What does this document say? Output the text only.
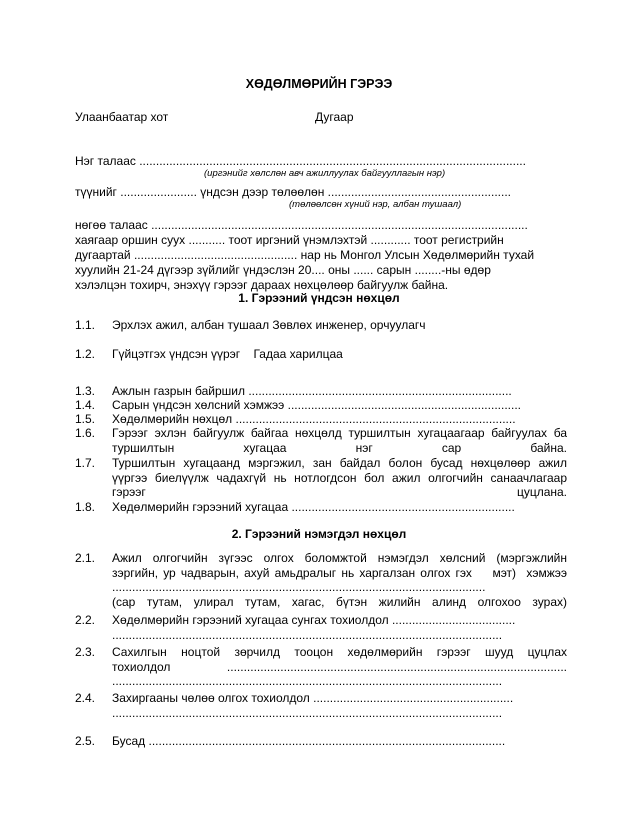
ХӨДӨЛМӨРИЙН ГЭРЭЭ
Улаанбаатар хот	Дугаар
Нэг талаас ....................................................................................................................
(иргэнийг хөлслөн авч ажиллуулах байгууллагын нэр)
түүнийг ....................... үндсэн дээр төлөөлөн .......................................................
(төлөөлсөн хүний нэр, албан тушаал)

нөгөө талаас .................................................................................................................

хаягаар оршин суух ........... тоот иргэний үнэмлэхтэй ............ тоот регистрийн

дугаартай ................................................. нар нь Монгол Улсын Хөдөлмөрийн тухай

хуулийн 21-24 дүгээр зүйлийг үндэслэн 20.... оны ...... сарын ........-ны өдөр

хэлэлцэн тохирч, энэхүү гэрээг дараах нөхцөлөөр байгуулж байна.

1. Гэрээний үндсэн нөхцөл
1.1. Эрхлэх ажил, албан тушаал Зөвлөх инженер, орчуулагч
1.2. Гүйцэтгэх үндсэн үүрэг    Гадаа харилцаа
1.3. Ажлын газрын байршил ...............................................................................
1.4. Сарын үндсэн хөлсний хэмжээ ......................................................................
1.5. Хөдөлмөрийн нөхцөл ....................................................................................
1.6. Гэрээг эхлэн байгуулж байгаа нөхцөлд туршилтын хугацаагаар байгуулах ба
туршилтын хугацаа нэг сар байна.
1.7. Туршилтын хугацаанд мэргэжил, зан байдал болон бусад нөхцөлөөр ажил
үүргээ биелүүлж чадахгүй нь нотлогдсон бол ажил олгогчийн санаачлагаар
гэрээг цуцлана.
1.8. Хөдөлмөрийн гэрээний хугацаа ...................................................................
2. Гэрээний нэмэгдэл нөхцөл
2.1. Ажил олгогчийн зүгээс олгох боломжтой нэмэгдэл хөлсний (мэргэжлийн
зэргийн, ур чадварын, ахуй амьдралыг нь харгалзан олгох гэх    мэт)  хэмжээ
................................................................................................................
(сар тутам, улирал тутам, хагас, бүтэн жилийн алинд олгохоо зурах)
2.2. Хөдөлмөрийн гэрээний хугацаа сунгах тохиолдол .....................................
.....................................................................................................................
2.3. Сахилгын ноцтой зөрчилд тооцон хөдөлмөрийн гэрээг шууд цуцлах
тохиолдол ......................................................................................................
.....................................................................................................................
2.4. Захиргааны чөлөө олгох тохиолдол ............................................................
.....................................................................................................................
2.5. Бусад ...........................................................................................................
